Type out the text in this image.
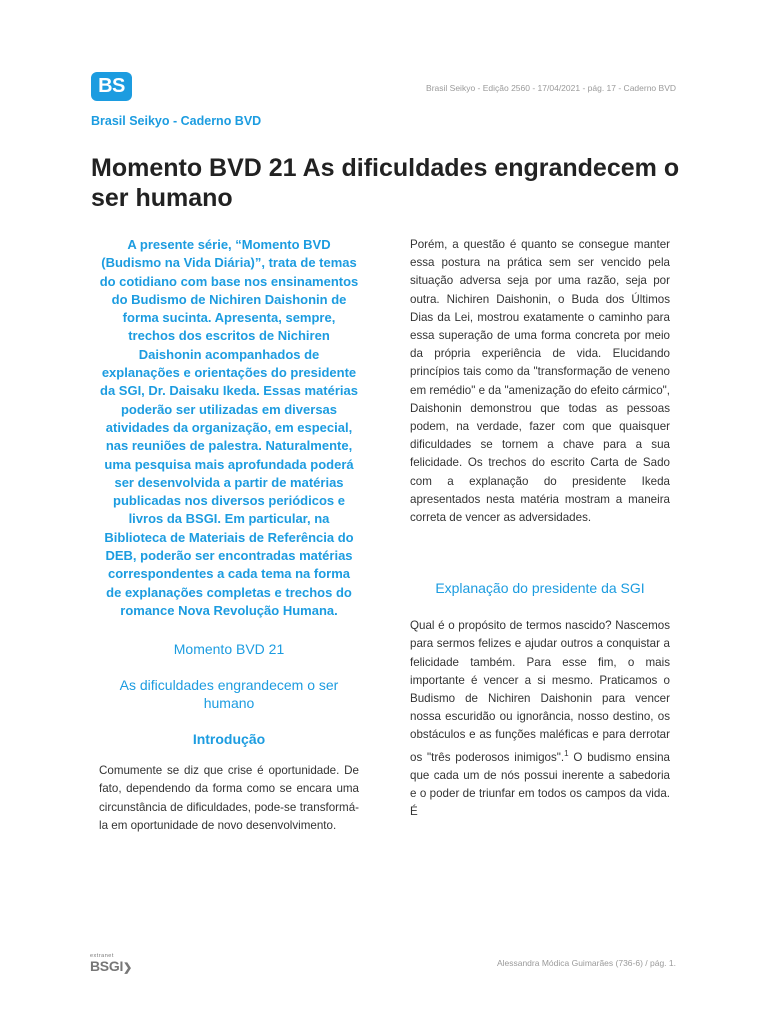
BS	Brasil Seikyo - Edição 2560 - 17/04/2021 - pág. 17 - Caderno BVD
Brasil Seikyo - Caderno BVD
Momento BVD 21 As dificuldades engrandecem o ser humano

A presente série, “Momento BVD (Budismo na Vida Diária)”, trata de temas do cotidiano com base nos ensinamentos do Budismo de Nichiren Daishonin de forma sucinta. Apresenta, sempre, trechos dos escritos de Nichiren Daishonin acompanhados de explanações e orientações do presidente da SGI, Dr. Daisaku Ikeda. Essas matérias poderão ser utilizadas em diversas atividades da organização, em especial, nas reuniões de palestra. Naturalmente, uma pesquisa mais aprofundada poderá ser desenvolvida a partir de matérias publicadas nos diversos periódicos e livros da BSGI. Em particular, na Biblioteca de Materiais de Referência do DEB, poderão ser encontradas matérias correspondentes a cada tema na forma de explanações completas e trechos do romance Nova Revolução Humana.

Momento BVD 21
As dificuldades engrandecem o ser humano
Introdução

Comumente se diz que crise é oportunidade. De fato, dependendo da forma como se encara uma circunstância de dificuldades, pode-se transformá-la em oportunidade de novo desenvolvimento.

Porém, a questão é quanto se consegue manter essa postura na prática sem ser vencido pela situação adversa seja por uma razão, seja por outra. Nichiren Daishonin, o Buda dos Últimos Dias da Lei, mostrou exatamente o caminho para essa superação de uma forma concreta por meio da própria experiência de vida. Elucidando princípios tais como da "transformação de veneno em remédio" e da "amenização do efeito cármico", Daishonin demonstrou que todas as pessoas podem, na verdade, fazer com que quaisquer dificuldades se tornem a chave para a sua felicidade. Os trechos do escrito Carta de Sado com a explanação do presidente Ikeda apresentados nesta matéria mostram a maneira correta de vencer as adversidades.

Explanação do presidente da SGI

Qual é o propósito de termos nascido? Nascemos para sermos felizes e ajudar outros a conquistar a felicidade também. Para esse fim, o mais importante é vencer a si mesmo. Praticamos o Budismo de Nichiren Daishonin para vencer nossa escuridão ou ignorância, nosso destino, os obstáculos e as funções maléficas e para derrotar os "três poderosos inimigos".$^1$ O budismo ensina que cada um de nós possui inerente a sabedoria e o poder de triunfar em todos os campos da vida. É

extranet
BSGI❯	Alessandra Módica Guimarães (736-6) / pág. 1.
